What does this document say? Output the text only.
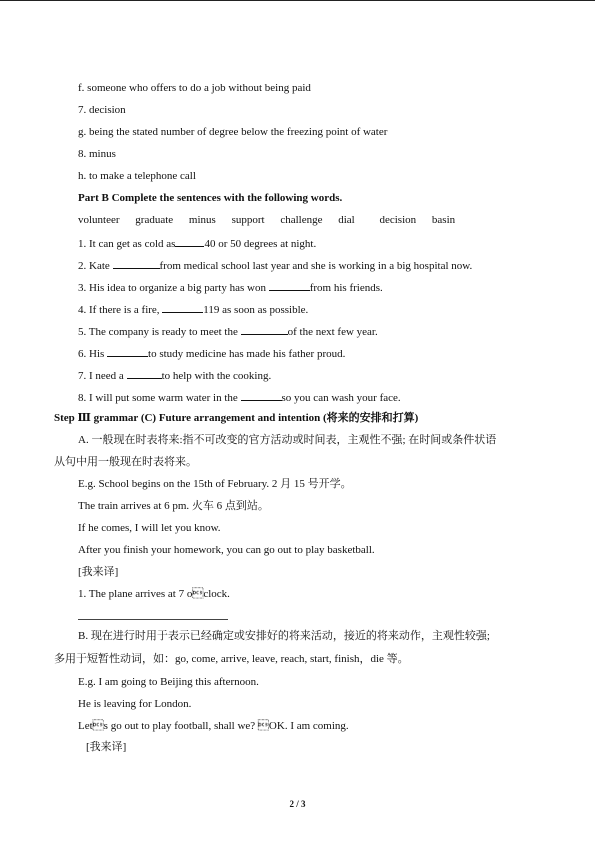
f. someone who offers to do a job without being paid
7. decision
g. being the stated number of degree below the freezing point of water
8. minus
h. to make a telephone call
Part B Complete the sentences with the following words.
volunteer graduate minus support challenge dial decision basin
1. It can get as cold as	40 or 50 degrees at night.
2. Kate	from medical school last year and she is working in a big hospital now.
3. His idea to organize a big party has won	from his friends.
4. If there is a fire,	119 as soon as possible.
5. The company is ready to meet the	of the next few year.
6. His	to study medicine has made his father proud.
7. I need a	to help with the cooking.
8. I will put some warm water in the	so you can wash your face.
Step Ⅲ grammar (C) Future arrangement and intention (将来的安排和打算)
A. 一般现在时表将来:指不可改变的官方活动或时间表，主观性不强; 在时间或条件状语
从句中用一般现在时表将来。
E.g. School begins on the 15th of February. 2 月 15 号开学。
The train arrives at 6 pm. 火车 6 点到站。
If he comes, I will let you know.
After you finish your homework, you can go out to play basketball.
[我来译]
1. The plane arrives at 7 oclock.
B. 现在进行时用于表示已经确定或安排好的将来活动，接近的将来动作，主观性较强;
多用于短暂性动词，如：go, come, arrive, leave, reach, start, finish，die 等。
E.g. I am going to Beijing this afternoon.
He is leaving for London.
Lets go out to play football, shall we? OK. I am coming.
[我来译]
2 / 3
